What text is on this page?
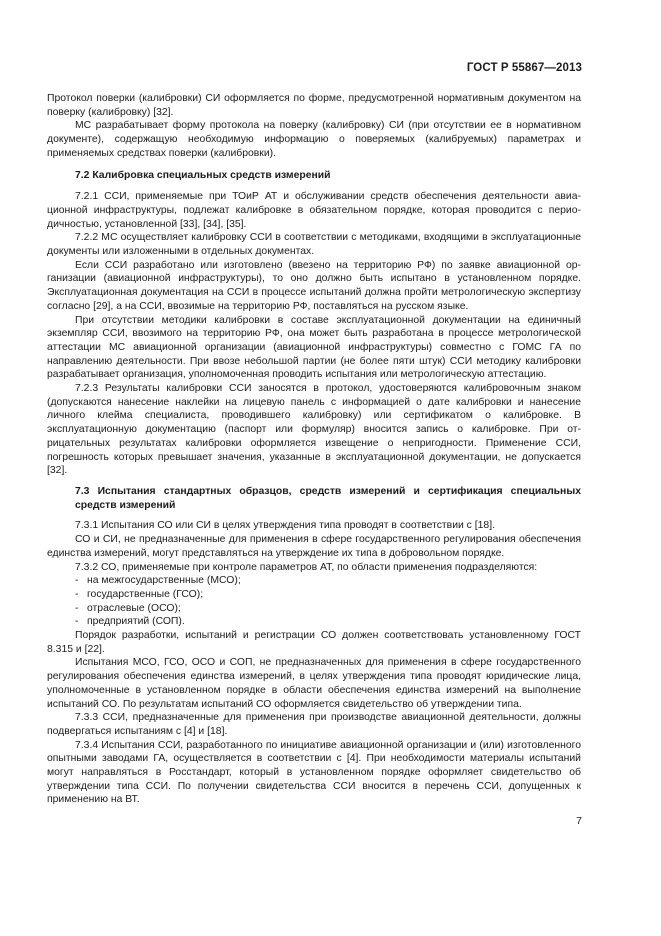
ГОСТ Р 55867—2013

Протокол поверки (калибровки) СИ оформляется по форме, предусмотренной нормативным документом на поверку (калибровку) [32].

МС разрабатывает форму протокола на поверку (калибровку) СИ (при отсутствии ее в нормативном документе), содержащую необходимую информацию о поверяемых (калибруемых) параметрах и применяемых средствах поверки (калибровки).

7.2 Калибровка специальных средств измерений

7.2.1 ССИ, применяемые при ТОиР АТ и обслуживании средств обеспечения деятельности авиационной инфраструктуры, подлежат калибровке в обязательном порядке, которая проводится с периодичностью, установленной [33], [34], [35].

7.2.2 МС осуществляет калибровку ССИ в соответствии с методиками, входящими в эксплуатационные документы или изложенными в отдельных документах.

Если ССИ разработано или изготовлено (ввезено на территорию РФ) по заявке авиационной организации (авиационной инфраструктуры), то оно должно быть испытано в установленном порядке. Эксплуатационная документация на ССИ в процессе испытаний должна пройти метрологическую экспертизу согласно [29], а на ССИ, ввозимые на территорию РФ, поставляться на русском языке.

При отсутствии методики калибровки в составе эксплуатационной документации на единичный экземпляр ССИ, ввозимого на территорию РФ, она может быть разработана в процессе метрологической аттестации МС авиационной организации (авиационной инфраструктуры) совместно с ГОМС ГА по направлению деятельности. При ввозе небольшой партии (не более пяти штук) ССИ методику калибровки разрабатывает организация, уполномоченная проводить испытания или метрологическую аттестацию.

7.2.3 Результаты калибровки ССИ заносятся в протокол, удостоверяются калибровочным знаком (допускаются нанесение наклейки на лицевую панель с информацией о дате калибровки и нанесение личного клейма специалиста, проводившего калибровку) или сертификатом о калибровке. В эксплуатационную документацию (паспорт или формуляр) вносится запись о калибровке. При отрицательных результатах калибровки оформляется извещение о непригодности. Применение ССИ, погрешность которых превышает значения, указанные в эксплуатационной документации, не допускается [32].

7.3 Испытания стандартных образцов, средств измерений и сертификация специальных средств измерений

7.3.1 Испытания СО или СИ в целях утверждения типа проводят в соответствии с [18].

СО и СИ, не предназначенные для применения в сфере государственного регулирования обеспечения единства измерений, могут представляться на утверждение их типа в добровольном порядке.

7.3.2 СО, применяемые при контроле параметров АТ, по области применения подразделяются:

- на межгосударственные (МСО);
- государственные (ГСО);
- отраслевые (ОСО);
- предприятий (СОП).

Порядок разработки, испытаний и регистрации СО должен соответствовать установленному ГОСТ 8.315 и [22].

Испытания МСО, ГСО, ОСО и СОП, не предназначенных для применения в сфере государственного регулирования обеспечения единства измерений, в целях утверждения типа проводят юридические лица, уполномоченные в установленном порядке в области обеспечения единства измерений на выполнение испытаний СО. По результатам испытаний СО оформляется свидетельство об утверждении типа.

7.3.3 ССИ, предназначенные для применения при производстве авиационной деятельности, должны подвергаться испытаниям с [4] и [18].

7.3.4 Испытания ССИ, разработанного по инициативе авиационной организации и (или) изготовленного опытными заводами ГА, осуществляется в соответствии с [4]. При необходимости материалы испытаний могут направляться в Росстандарт, который в установленном порядке оформляет свидетельство об утверждении типа ССИ. По получении свидетельства ССИ вносится в перечень ССИ, допущенных к применению на ВТ.

7
